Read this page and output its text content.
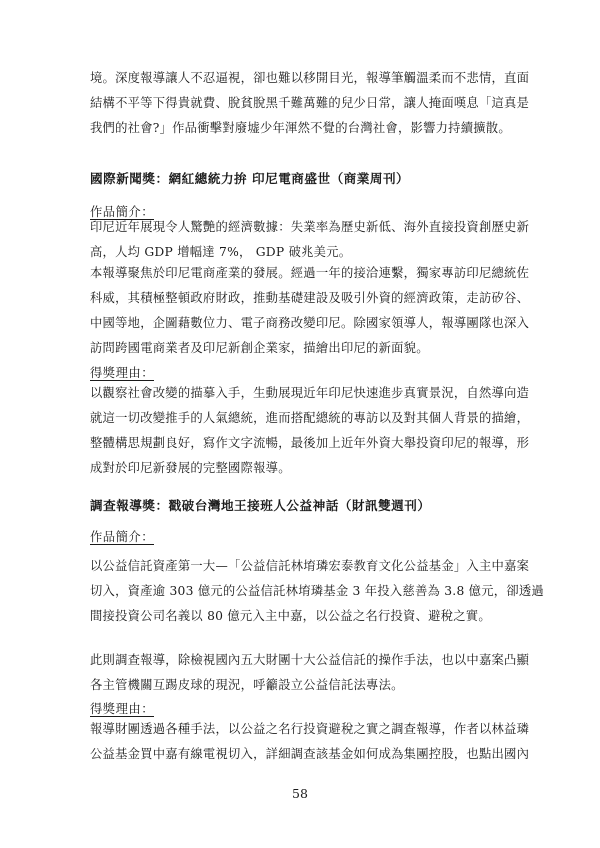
境。深度報導讓人不忍逼視，卻也難以移開目光，報導筆觸溫柔而不悲情，直面
結構不平等下得貴就費、脫貧脫黑千難萬難的兒少日常，讓人掩面嘆息「這真是
我們的社會?」作品衝擊對廢墟少年渾然不覺的台灣社會，影響力持續擴散。
國際新聞獎：網紅總統力拚 印尼電商盛世（商業周刊）
作品簡介：
印尼近年展現令人驚艷的經濟數據：失業率為歷史新低、海外直接投資創歷史新
高，人均 GDP 增幅達 7%， GDP 破兆美元。
本報導聚焦於印尼電商產業的發展。經過一年的接洽連繫，獨家專訪印尼總統佐
科威，其積極整頓政府財政，推動基礎建設及吸引外資的經濟政策，走訪矽谷、
中國等地，企圖藉數位力、電子商務改變印尼。除國家領導人，報導團隊也深入
訪問跨國電商業者及印尼新創企業家，描繪出印尼的新面貌。
得獎理由：
以觀察社會改變的描摹入手，生動展現近年印尼快速進步真實景況，自然導向造
就這一切改變推手的人氣總統，進而搭配總統的專訪以及對其個人背景的描繪，
整體構思規劃良好，寫作文字流暢，最後加上近年外資大舉投資印尼的報導，形
成對於印尼新發展的完整國際報導。
調查報導獎：戳破台灣地王接班人公益神話（財訊雙週刊）
作品簡介：
以公益信託資產第一大—「公益信託林堉璘宏泰教育文化公益基金」入主中嘉案
切入，資產逾 303 億元的公益信託林堉璘基金 3 年投入慈善為 3.8 億元，卻透過
間接投資公司名義以 80 億元入主中嘉，以公益之名行投資、避稅之實。
此則調查報導，除檢視國內五大財團十大公益信託的操作手法，也以中嘉案凸顯
各主管機關互踢皮球的現況，呼籲設立公益信託法專法。
得獎理由：
報導財團透過各種手法，以公益之名行投資避稅之實之調查報導，作者以林益璘
公益基金買中嘉有線電視切入，詳細調查該基金如何成為集團控股，也點出國內
58
